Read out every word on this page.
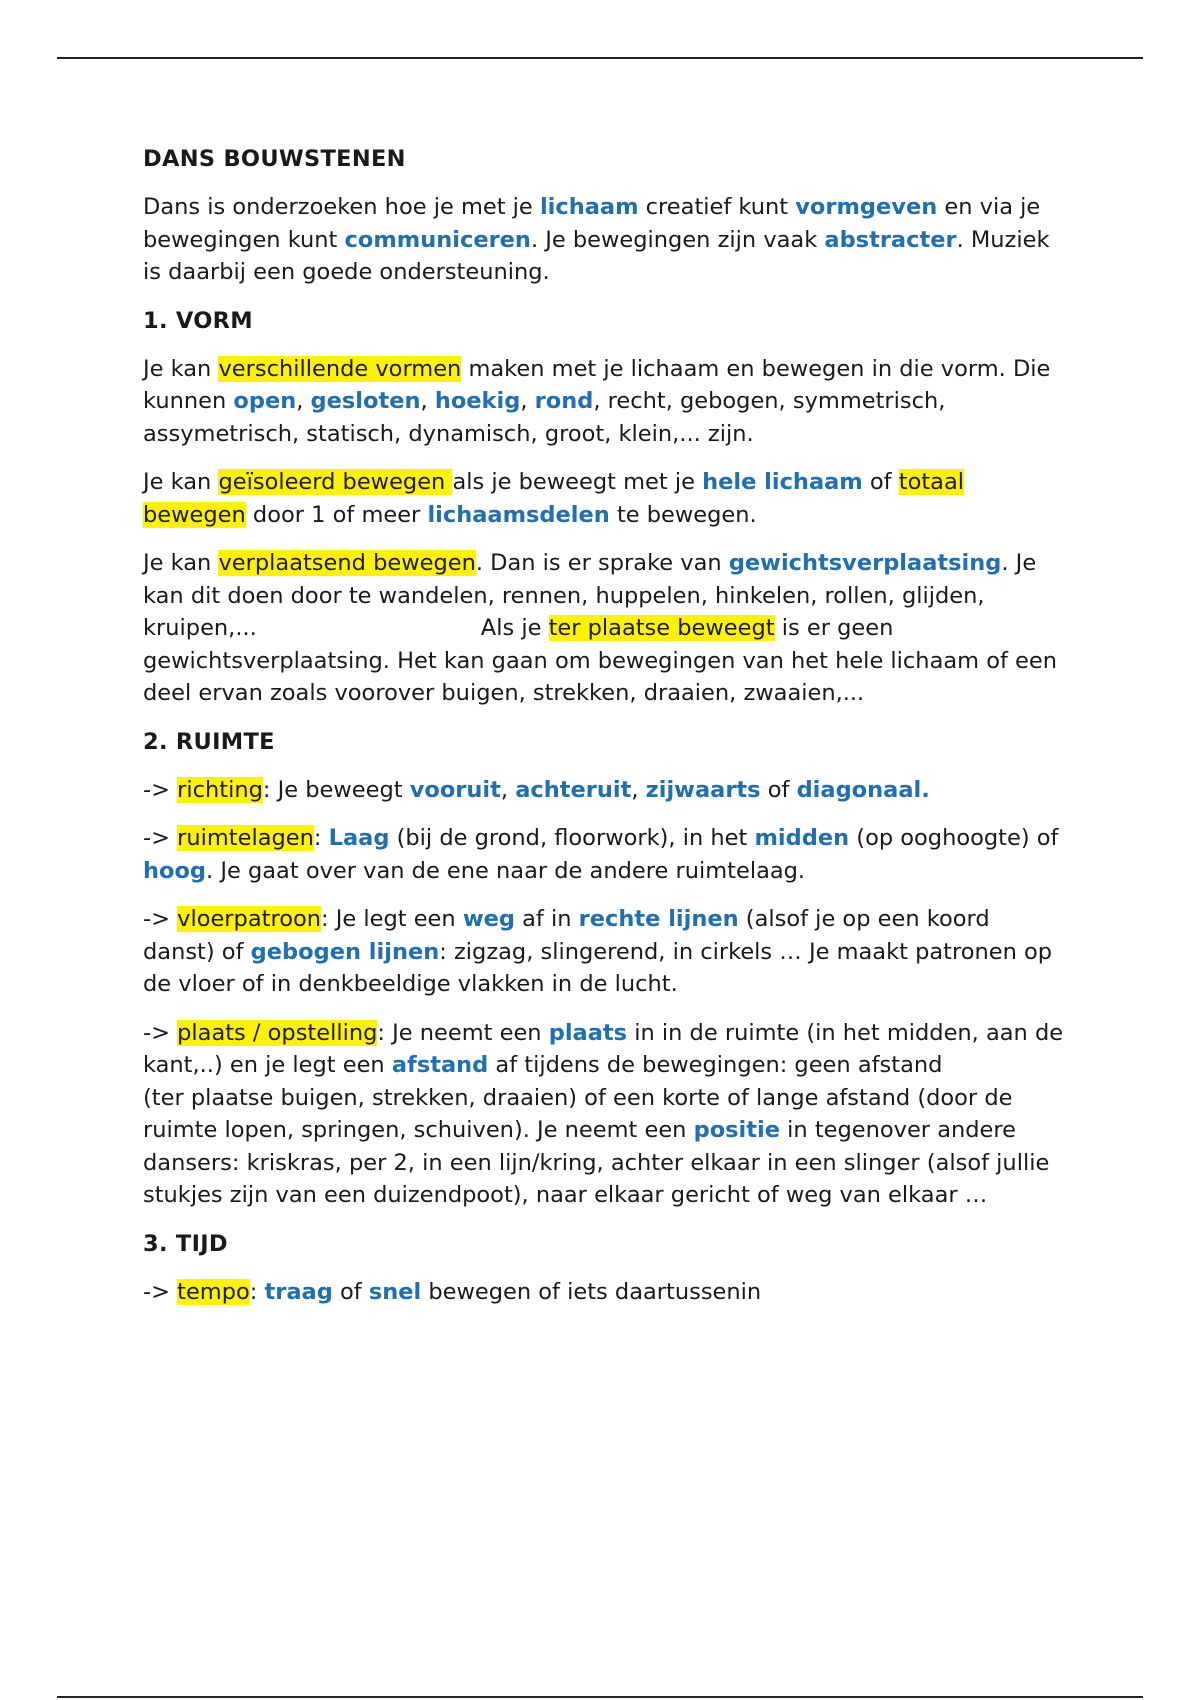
DANS BOUWSTENEN

Dans is onderzoeken hoe je met je lichaam creatief kunt vormgeven en via je bewegingen kunt communiceren. Je bewegingen zijn vaak abstracter. Muziek is daarbij een goede ondersteuning.

1. VORM

Je kan verschillende vormen maken met je lichaam en bewegen in die vorm. Die kunnen open, gesloten, hoekig, rond, recht, gebogen, symmetrisch, assymetrisch, statisch, dynamisch, groot, klein,... zijn.

Je kan geïsoleerd bewegen als je beweegt met je hele lichaam of totaal bewegen door 1 of meer lichaamsdelen te bewegen.

Je kan verplaatsend bewegen. Dan is er sprake van gewichtsverplaatsing. Je kan dit doen door te wandelen, rennen, huppelen, hinkelen, rollen, glijden, kruipen,...	Als je ter plaatse beweegt is er geen gewichtsverplaatsing. Het kan gaan om bewegingen van het hele lichaam of een deel ervan zoals voorover buigen, strekken, draaien, zwaaien,...

2. RUIMTE

-> richting: Je beweegt vooruit, achteruit, zijwaarts of diagonaal.

-> ruimtelagen: Laag (bij de grond, floorwork), in het midden (op ooghoogte) of hoog. Je gaat over van de ene naar de andere ruimtelaag.

-> vloerpatroon: Je legt een weg af in rechte lijnen (alsof je op een koord danst) of gebogen lijnen: zigzag, slingerend, in cirkels … Je maakt patronen op
de vloer of in denkbeeldige vlakken in de lucht.

-> plaats / opstelling: Je neemt een plaats in in de ruimte (in het midden, aan de kant,..) en je legt een afstand af tijdens de bewegingen: geen afstand
(ter plaatse buigen, strekken, draaien) of een korte of lange afstand (door de
ruimte lopen, springen, schuiven). Je neemt een positie in tegenover andere
dansers: kriskras, per 2, in een lijn/kring, achter elkaar in een slinger (alsof jullie
stukjes zijn van een duizendpoot), naar elkaar gericht of weg van elkaar …

3. TIJD

-> tempo: traag of snel bewegen of iets daartussenin
